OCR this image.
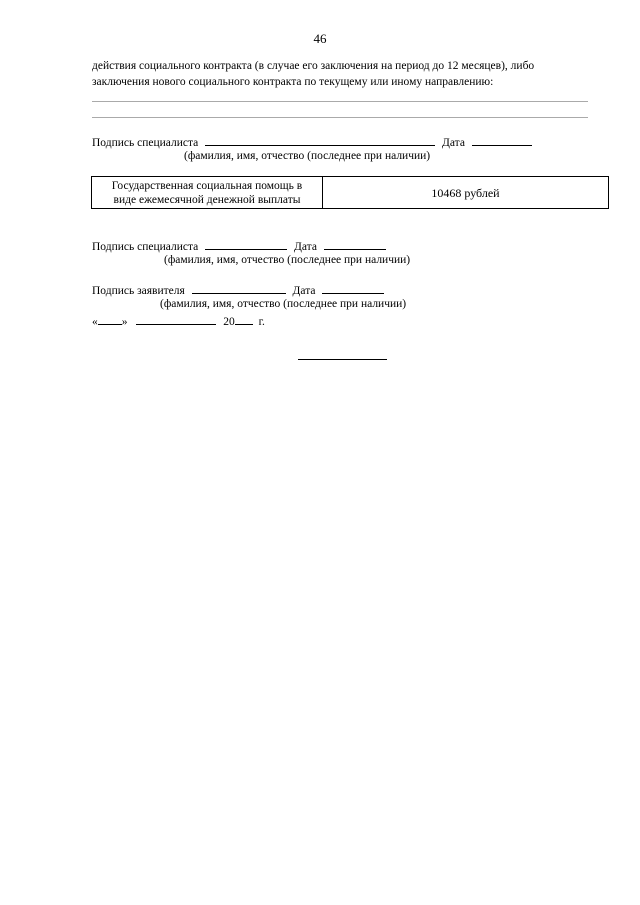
46
действия социального контракта (в случае его заключения на период до 12 месяцев), либо
заключения нового социального контракта по текущему или иному направлению:
Подпись специалиста	Дата
(фамилия, имя, отчество (последнее при наличии)
Государственная социальная помощь в
виде ежемесячной денежной выплаты	10468 рублей
Подпись специалиста	Дата
(фамилия, имя, отчество (последнее при наличии)
Подпись заявителя	Дата
(фамилия, имя, отчество (последнее при наличии)
« »	20 г.
